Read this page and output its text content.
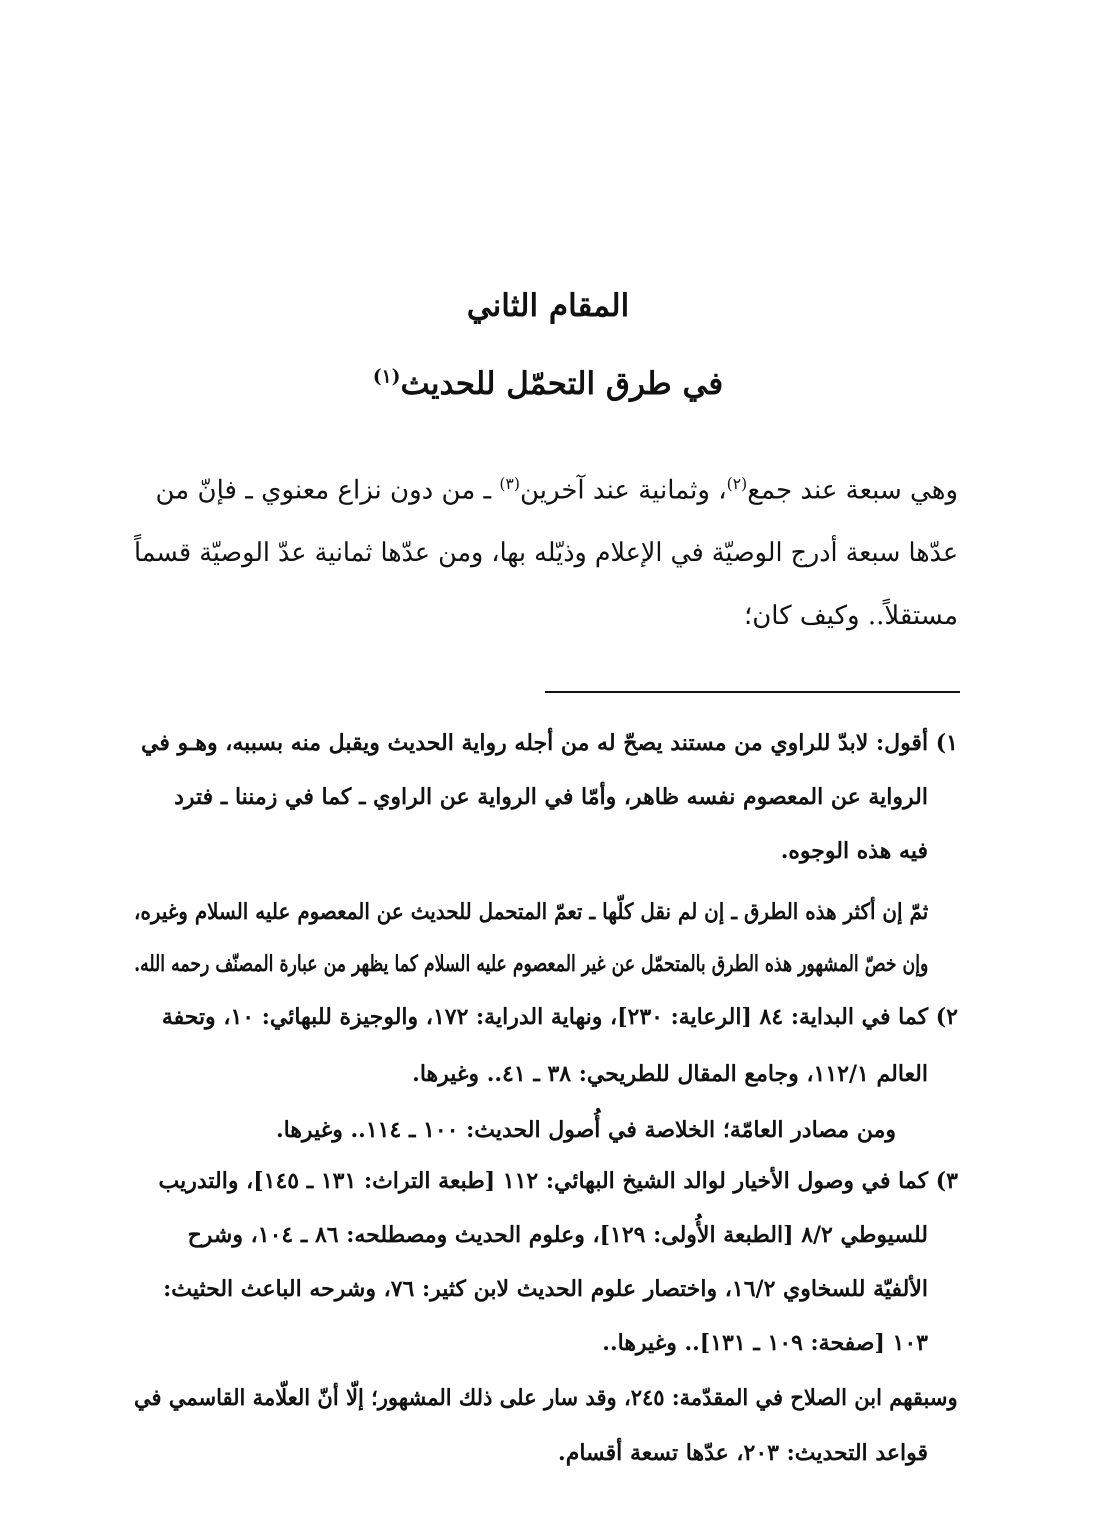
المقام الثاني
في طرق التحمّل للحديث$^{(١)}$
وهي سبعة عند جمع$^{(٢)}$، وثمانية عند آخرين$^{(٣)}$ ـ من دون نزاع معنوي ـ فإنّ من
عدّها سبعة أدرج الوصيّة في الإعلام وذيّله بها، ومن عدّها ثمانية عدّ الوصيّة قسماً
مستقلاً.. وكيف كان؛
١) أقول: لابدّ للراوي من مستند يصحّ له من أجله رواية الحديث ويقبل منه بسببه، وهـو في
الرواية عن المعصوم نفسه ظاهر، وأمّا في الرواية عن الراوي ـ كما في زمننا ـ فترد
فيه هذه الوجوه.
ثمّ إن أكثر هذه الطرق ـ إن لم نقل كلّها ـ تعمّ المتحمل للحديث عن المعصوم عليه السلام وغيره،
وإن خصّ المشهور هذه الطرق بالمتحمّل عن غير المعصوم عليه السلام كما يظهر من عبارة المصنّف رحمه الله.
٢) كما في البداية: ٨٤ [الرعاية: ٢٣٠]، ونهاية الدراية: ١٧٢، والوجيزة للبهائي: ١٠، وتحفة
العالم ١١٢/١، وجامع المقال للطريحي: ٣٨ ـ ٤١.. وغيرها.
ومن مصادر العامّة؛ الخلاصة في أُصول الحديث: ١٠٠ ـ ١١٤.. وغيرها.
٣) كما في وصول الأخيار لوالد الشيخ البهائي: ١١٢ [طبعة التراث: ١٣١ ـ ١٤٥]، والتدريب
للسيوطي ٨/٢ [الطبعة الأُولى: ١٢٩]، وعلوم الحديث ومصطلحه: ٨٦ ـ ١٠٤، وشرح
الألفيّة للسخاوي ١٦/٢، واختصار علوم الحديث لابن كثير: ٧٦، وشرحه الباعث الحثيث:
١٠٣ [صفحة: ١٠٩ ـ ١٣١].. وغيرها..
وسبقهم ابن الصلاح في المقدّمة: ٢٤٥، وقد سار على ذلك المشهور؛ إلّا أنّ العلّامة القاسمي في
قواعد التحديث: ٢٠٣، عدّها تسعة أقسام.
